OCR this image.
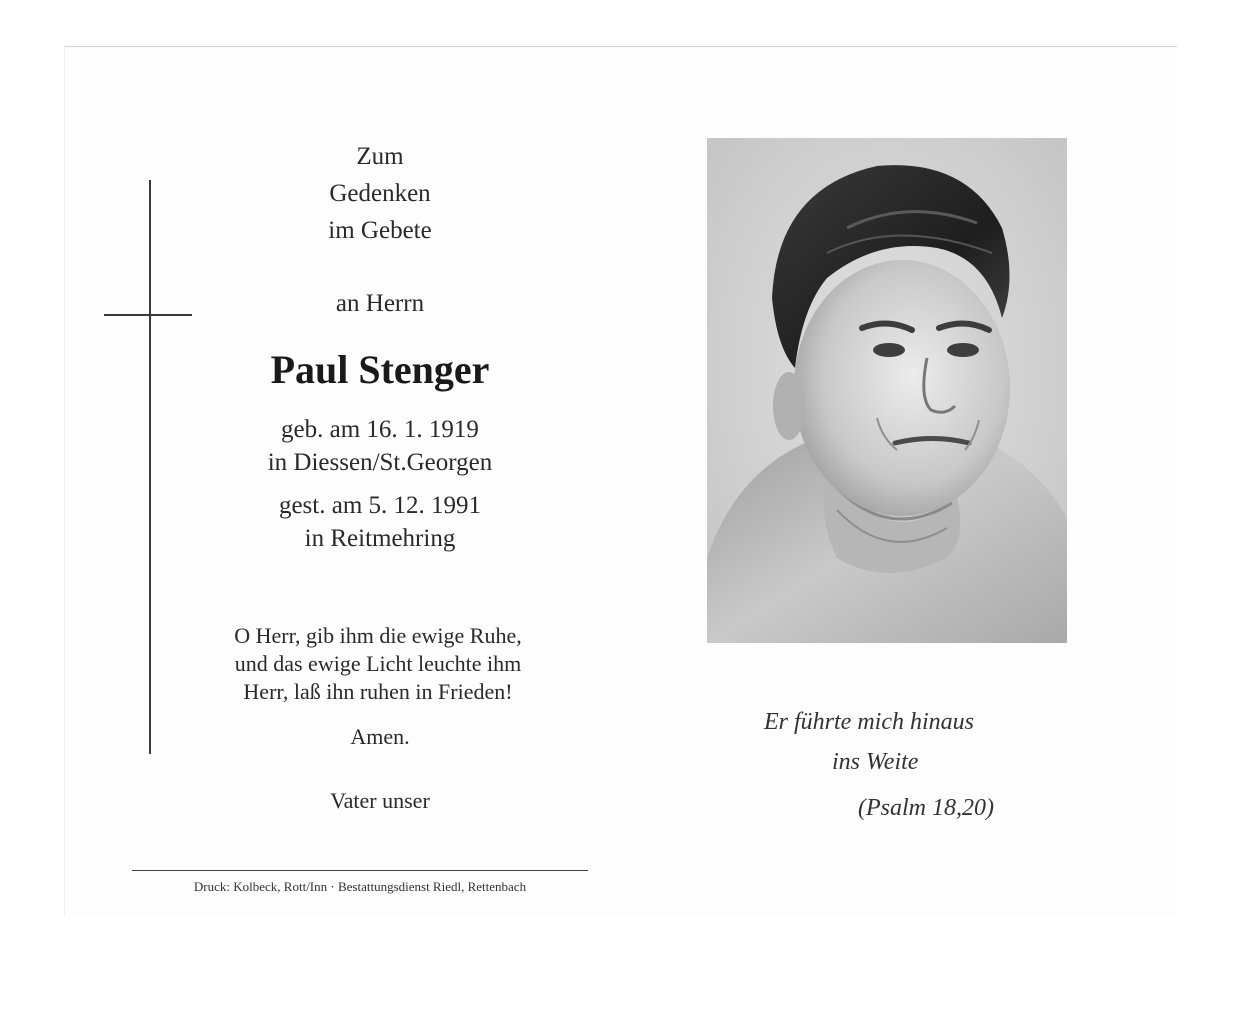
Zum
Gedenken
im Gebete
an Herrn
Paul Stenger
geb. am 16. 1. 1919
in Diessen/St.Georgen
gest. am 5. 12. 1991
in Reitmehring
O Herr, gib ihm die ewige Ruhe,
und das ewige Licht leuchte ihm
Herr, laß ihn ruhen in Frieden!
Amen.
Vater unser
Druck: Kolbeck, Rott/Inn · Bestattungsdienst Riedl, Rettenbach
Er führte mich hinaus
ins Weite
(Psalm 18,20)
